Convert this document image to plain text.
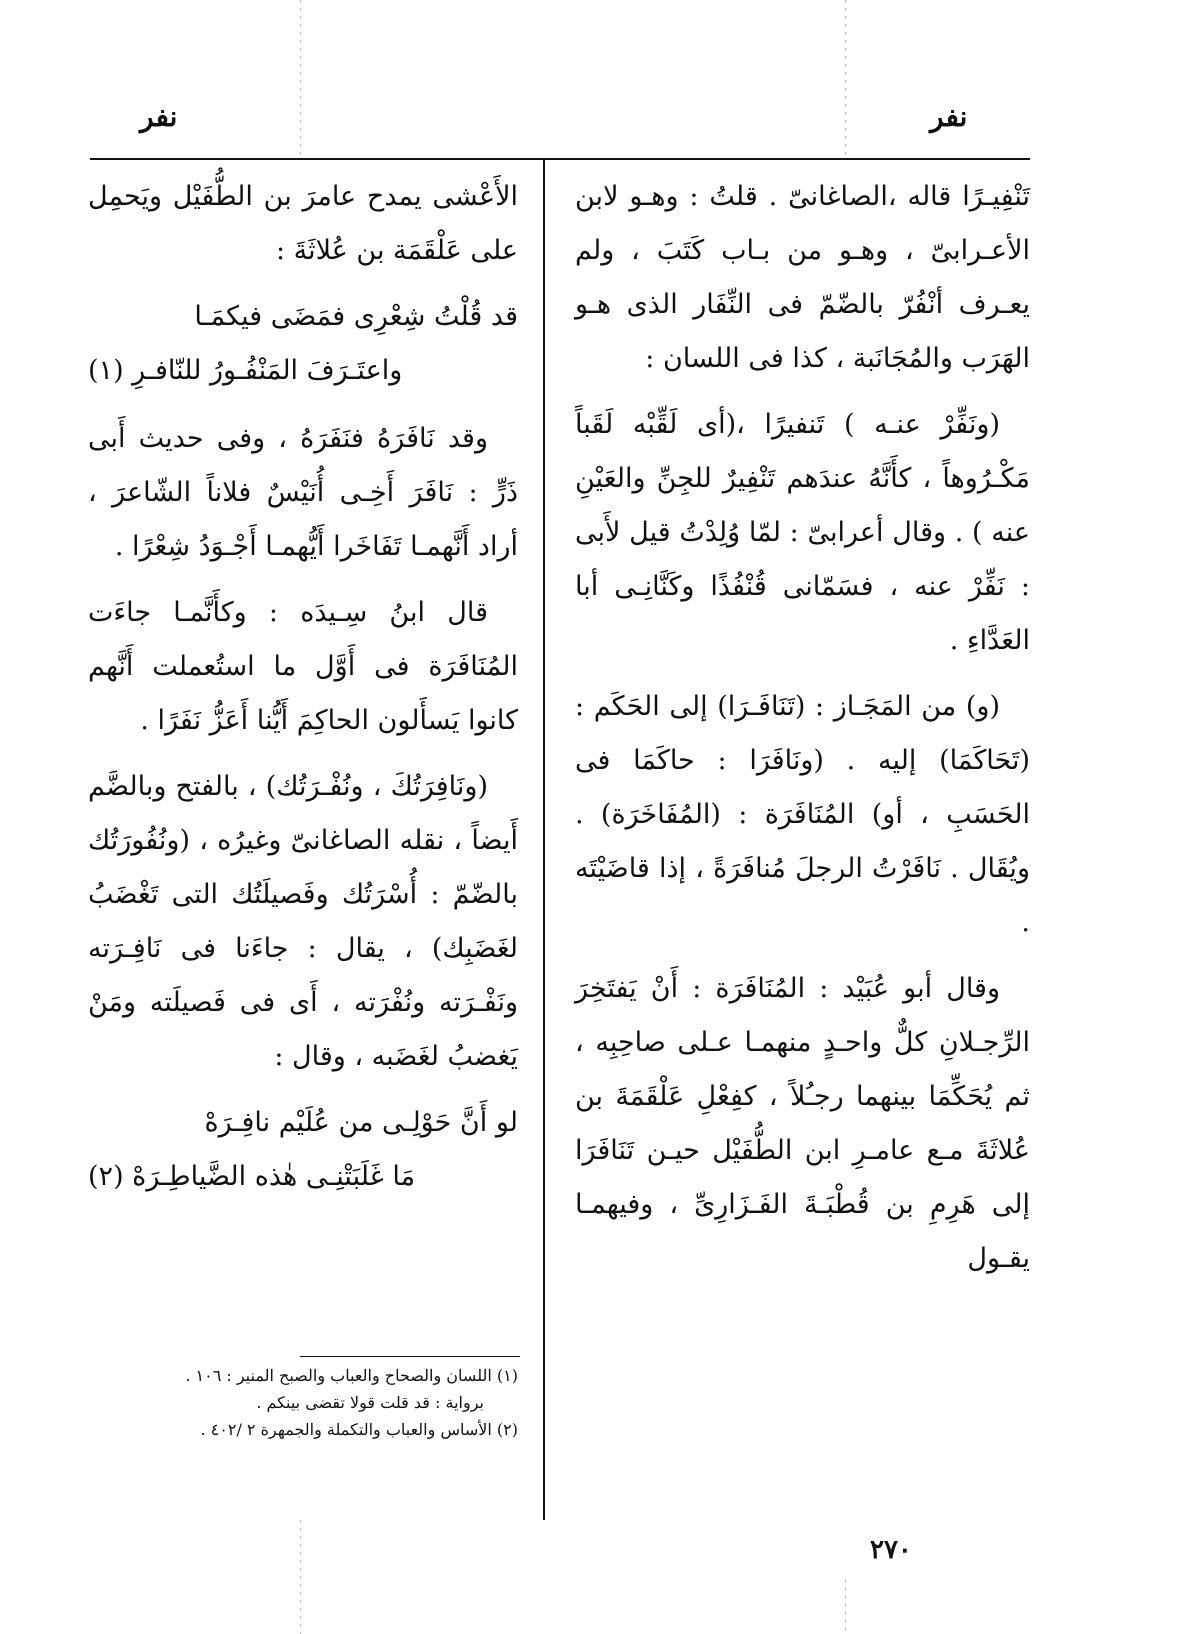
نفر
نفر

تَنْفِيـرًا قاله ،الصاغانىّ . قلتُ : وهـو لابن الأعـرابىّ ، وهـو من بـاب كَتَبَ ، ولم يعـرف أنْفُرّ بالضّمّ فى النِّفَار الذى هـو الهَرَب والمُجَانَبة ، كذا فى اللسان :

(ونَفِّرْ عنـه ) تَنفيرًا ،(أى لَقِّبْه لَقَباً مَكْـرُوهاً ، كأَنَّهُ عندَهم تَنْفِيرٌ للجِنِّ والعَيْنِ عنه ) . وقال أعرابىّ : لمّا وُلِدْتُ قيل لأَبى : نَفِّرْ عنه ، فسَمّانى قُنْفُذًا وكَنَّانِـى أبا العَدَّاءِ .

(و) من المَجَـاز : (تَنَافَـرَا) إلى الحَكَم : (تَحَاكَمَا) إليه . (ونَافَرَا : حاكَمَا فى الحَسَبِ ، أو) المُنَافَرَة : (المُفَاخَرَة) . ويُقَال . نَافَرْتُ الرجلَ مُنافَرَةً ، إذا قاضَيْتَه .

وقال أبو عُبَيْد : المُنَافَرَة : أَنْ يَفتَخِرَ الرِّجـلانِ كلٌّ واحـدٍ منهمـا عـلى صاحِبِه ، ثم يُحَكِّمَا بينهما رجـُلاً ، كفِعْلِ عَلْقَمَةَ بن عُلاثَةَ مـع عامـرِ ابن الطُّفَيْل حيـن تَنَافَرَا إلى هَرِمِ بن قُطْبَـةَ الفَـزَارِىِّ ، وفيهمـا يقـول

الأَعْشى يمدح عامرَ بن الطُّفَيْل ويَحمِل على عَلْقَمَة بن عُلاثَةَ :

قد قُلْتُ شِعْرِى فمَضَى فيكمَـا
واعتَـرَفَ المَنْفُـورُ للنّافـرِ (١)

وقد نَافَرَهُ فنَفَرَهُ ، وفى حديث أَبى ذَرٍّ : نَافَرَ أَخِـى أُنَيْسٌ فلاناً الشّاعرَ ، أراد أَنَّهمـا تَفَاخَرا أَيُّهمـا أَجْـوَدُ شِعْرًا .

قال ابنُ سِـيدَه : وكأَنَّمـا جاءَت المُنَافَرَة فى أَوَّل ما استُعملت أَنَّهم كانوا يَسأَلون الحاكِمَ أَيُّنا أَعَزُّ نَفَرًا .

(ونَافِرَتُكَ ، ونُفْـرَتُك) ، بالفتح وبالضَّم أَيضاً ، نقله الصاغانىّ وغيرُه ، (ونُفُورَتُك بالضّمّ : أُسْرَتُك وفَصيلَتُك التى تَغْضَبُ لغَضَبِك) ، يقال : جاءَنا فى نَافِـرَته ونَفْـرَته ونُفْرَته ، أَى فى فَصيلَته ومَنْ يَغضبُ لغَضَبه ، وقال :

لو أَنَّ حَوْلِـى من عُلَيْم نافِـرَهْ
مَا غَلَبَتْنِـى هٰذه الضَّياطِـرَهْ (٢)
(١) اللسان والصحاح والعباب والصبح المنير : ١٠٦ .
برواية : قد قلت قولا تقضى بينكم .
(٢) الأساس والعباب والتكملة والجمهرة ٢ /٤٠٢ .
٢٧٠
